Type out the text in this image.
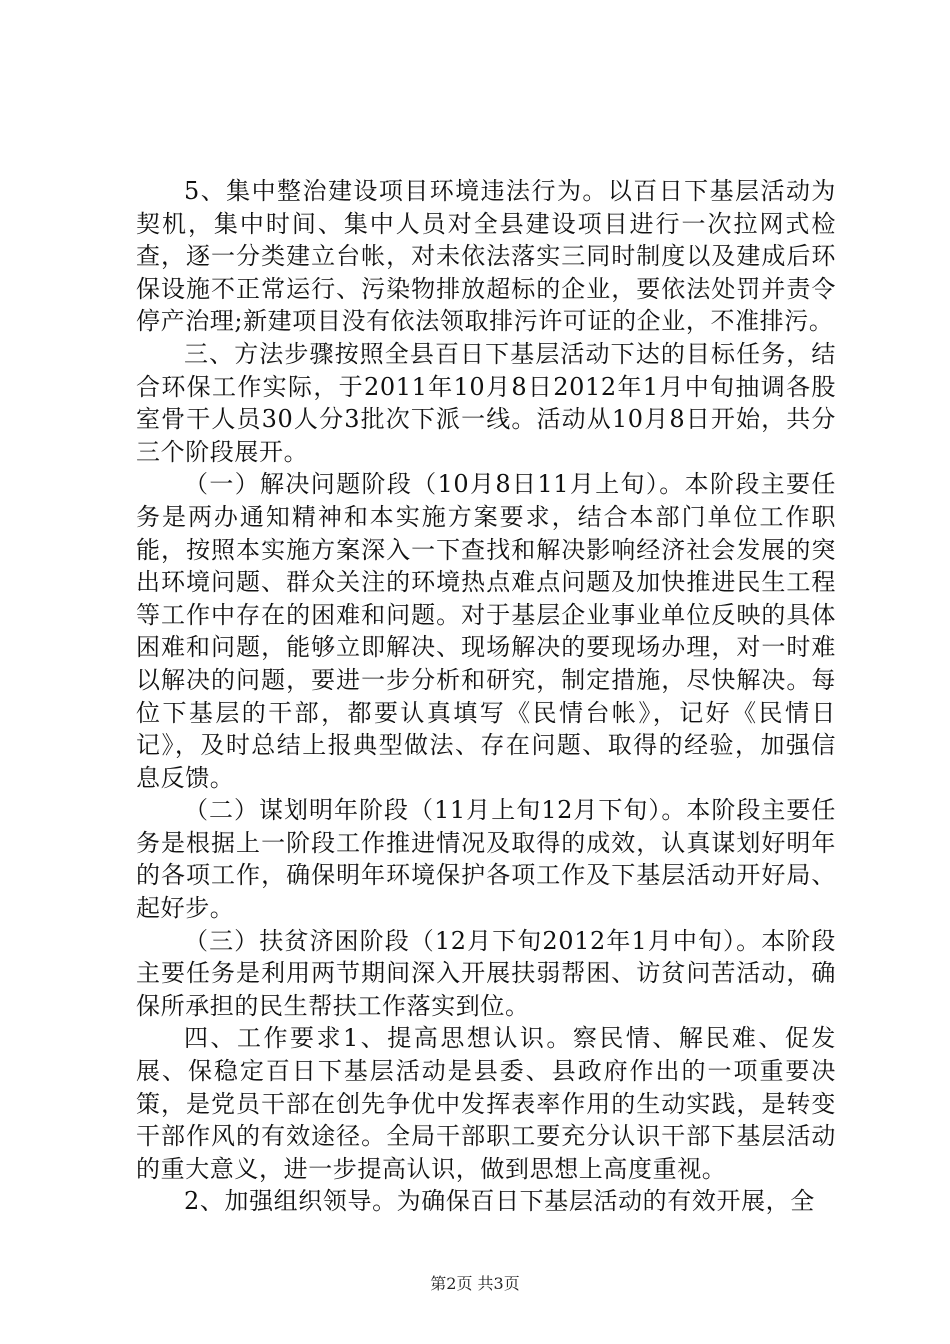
5、集中整治建设项目环境违法行为。以百日下基层活动为契机，集中时间、集中人员对全县建设项目进行一次拉网式检查，逐一分类建立台帐，对未依法落实三同时制度以及建成后环保设施不正常运行、污染物排放超标的企业，要依法处罚并责令停产治理;新建项目没有依法领取排污许可证的企业，不准排污。

三、方法步骤按照全县百日下基层活动下达的目标任务，结合环保工作实际，于2011年10月8日2012年1月中旬抽调各股室骨干人员30人分3批次下派一线。活动从10月8日开始，共分三个阶段展开。

（一）解决问题阶段（10月8日11月上旬）。本阶段主要任务是两办通知精神和本实施方案要求，结合本部门单位工作职能，按照本实施方案深入一下查找和解决影响经济社会发展的突出环境问题、群众关注的环境热点难点问题及加快推进民生工程等工作中存在的困难和问题。对于基层企业事业单位反映的具体困难和问题，能够立即解决、现场解决的要现场办理，对一时难以解决的问题，要进一步分析和研究，制定措施，尽快解决。每位下基层的干部，都要认真填写《民情台帐》，记好《民情日记》，及时总结上报典型做法、存在问题、取得的经验，加强信息反馈。

（二）谋划明年阶段（11月上旬12月下旬）。本阶段主要任务是根据上一阶段工作推进情况及取得的成效，认真谋划好明年的各项工作，确保明年环境保护各项工作及下基层活动开好局、起好步。

（三）扶贫济困阶段（12月下旬2012年1月中旬）。本阶段主要任务是利用两节期间深入开展扶弱帮困、访贫问苦活动，确保所承担的民生帮扶工作落实到位。

四、工作要求1、提高思想认识。察民情、解民难、促发展、保稳定百日下基层活动是县委、县政府作出的一项重要决策，是党员干部在创先争优中发挥表率作用的生动实践，是转变干部作风的有效途径。全局干部职工要充分认识干部下基层活动的重大意义，进一步提高认识，做到思想上高度重视。

2、加强组织领导。为确保百日下基层活动的有效开展，全

第2页 共3页
